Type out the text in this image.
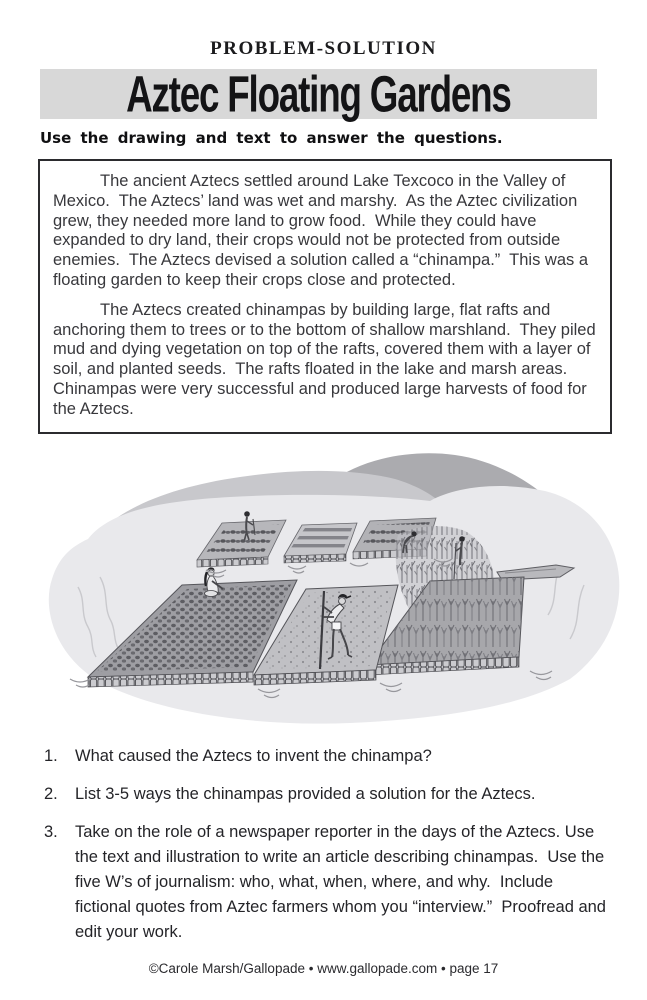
PROBLEM-SOLUTION
Aztec Floating Gardens
Use the drawing and text to answer the questions.

The ancient Aztecs settled around Lake Texcoco in the Valley of Mexico.  The Aztecs’ land was wet and marshy.  As the Aztec civilization grew, they needed more land to grow food.  While they could have expanded to dry land, their crops would not be protected from outside enemies.  The Aztecs devised a solution called a “chinampa.”  This was a floating garden to keep their crops close and protected.

The Aztecs created chinampas by building large, flat rafts and anchoring them to trees or to the bottom of shallow marshland.  They piled mud and dying vegetation on top of the rafts, covered them with a layer of soil, and planted seeds.  The rafts floated in the lake and marsh areas.  Chinampas were very successful and produced large harvests of food for the Aztecs.

1.	What caused the Aztecs to invent the chinampa?
2.	List 3-5 ways the chinampas provided a solution for the Aztecs.
3.	Take on the role of a newspaper reporter in the days of the Aztecs. Use the text and illustration to write an article describing chinampas.  Use the five W’s of journalism: who, what, when, where, and why.  Include fictional quotes from Aztec farmers whom you “interview.”  Proofread and edit your work.
©Carole Marsh/Gallopade • www.gallopade.com • page 17
